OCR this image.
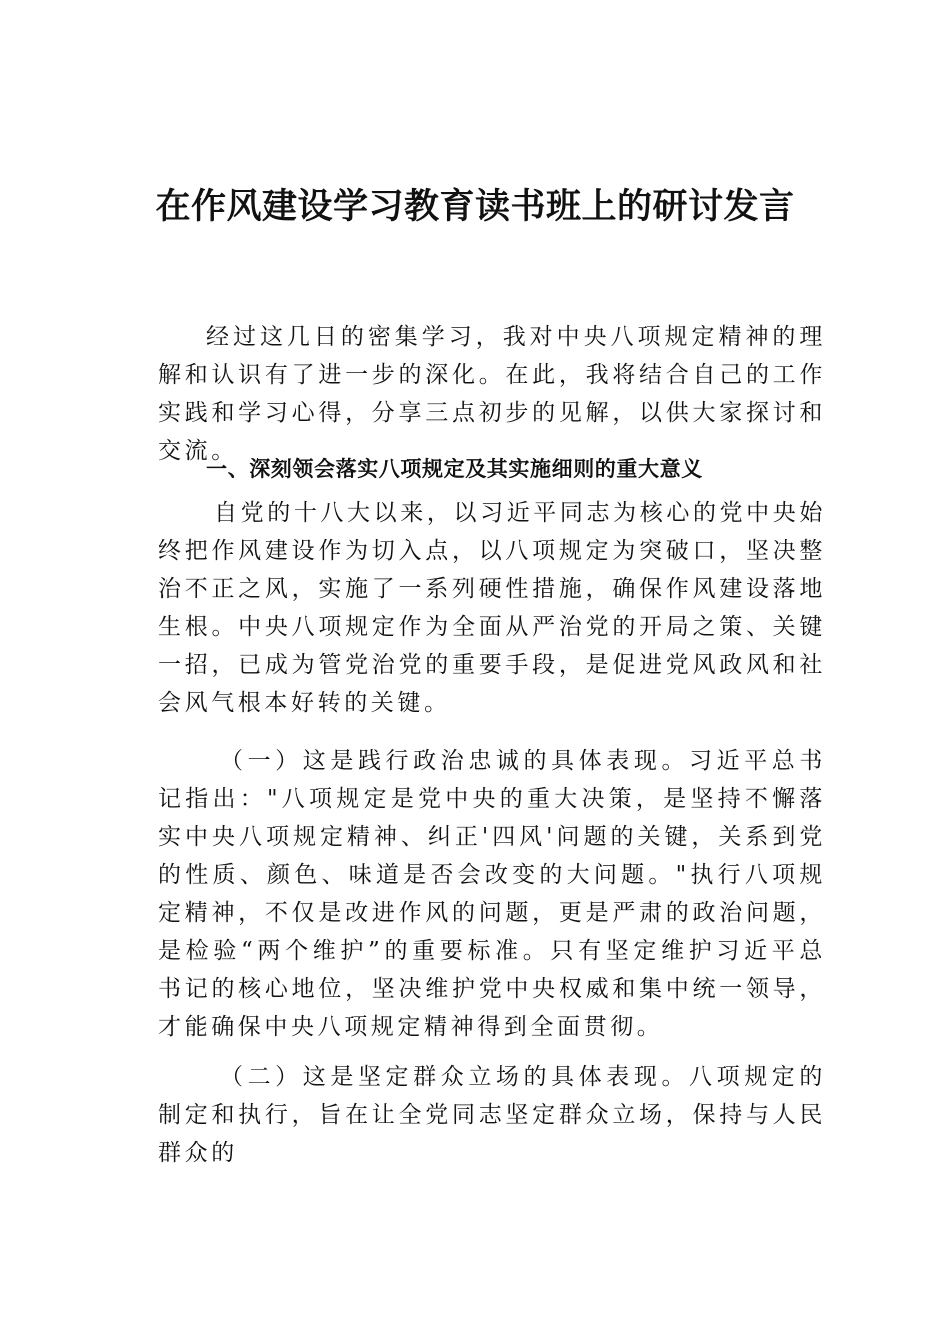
在作风建设学习教育读书班上的研讨发言

经过这几日的密集学习，我对中央八项规定精神的理解和认识有了进一步的深化。在此，我将结合自己的工作实践和学习心得，分享三点初步的见解，以供大家探讨和交流。

一、深刻领会落实八项规定及其实施细则的重大意义

自党的十八大以来，以习近平同志为核心的党中央始终把作风建设作为切入点，以八项规定为突破口，坚决整治不正之风，实施了一系列硬性措施，确保作风建设落地生根。中央八项规定作为全面从严治党的开局之策、关键一招，已成为管党治党的重要手段，是促进党风政风和社会风气根本好转的关键。

（一）这是践行政治忠诚的具体表现。习近平总书记指出："八项规定是党中央的重大决策，是坚持不懈落实中央八项规定精神、纠正'四风'问题的关键，关系到党的性质、颜色、味道是否会改变的大问题。"执行八项规定精神，不仅是改进作风的问题，更是严肃的政治问题，是检验“两个维护”的重要标准。只有坚定维护习近平总书记的核心地位，坚决维护党中央权威和集中统一领导，才能确保中央八项规定精神得到全面贯彻。

（二）这是坚定群众立场的具体表现。八项规定的制定和执行，旨在让全党同志坚定群众立场，保持与人民群众的
